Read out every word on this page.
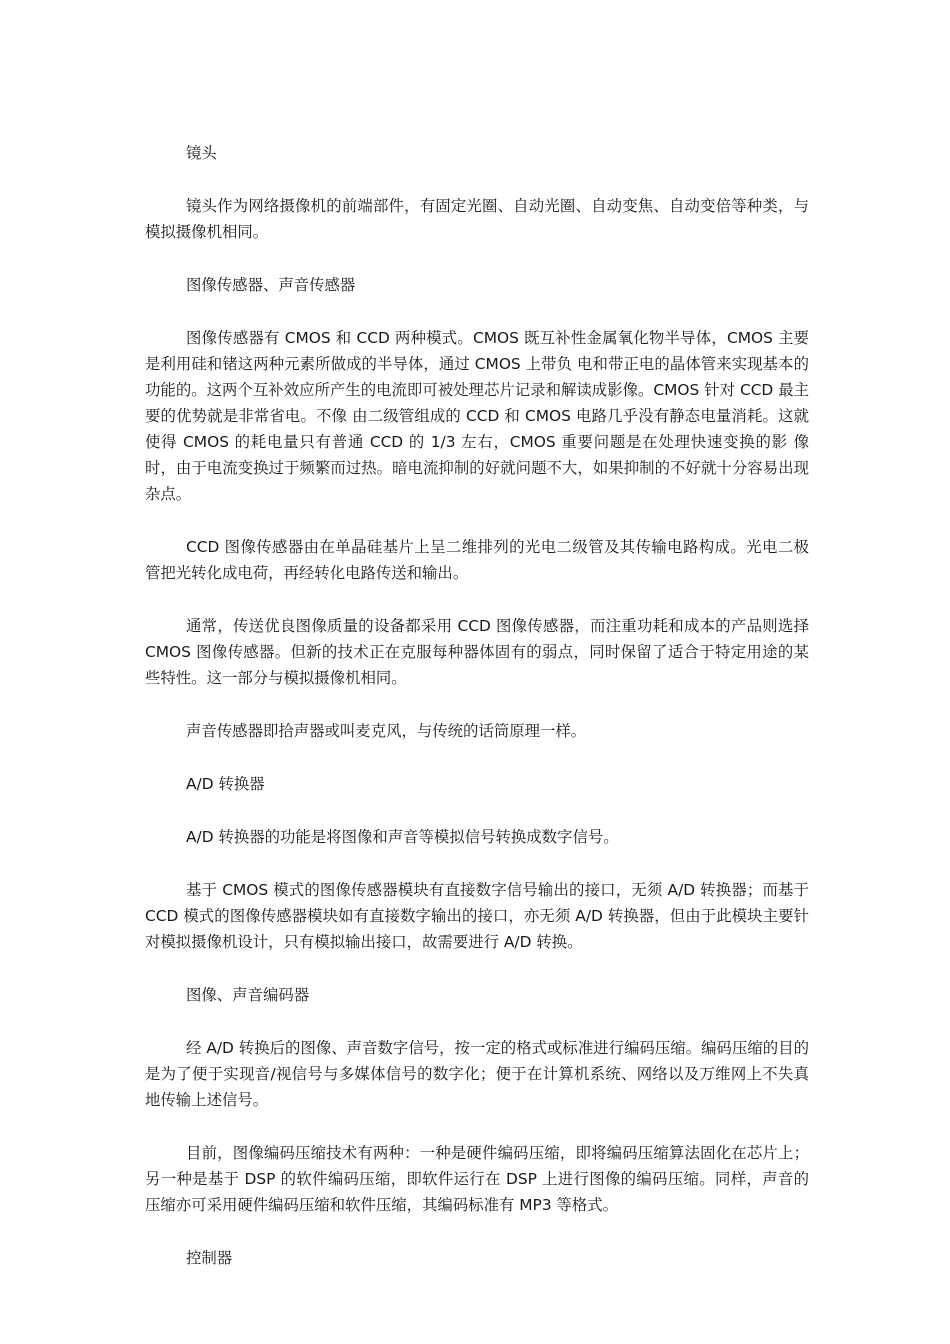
镜头

镜头作为网络摄像机的前端部件，有固定光圈、自动光圈、自动变焦、自动变倍等种类，与模拟摄像机相同。

图像传感器、声音传感器

图像传感器有 CMOS 和 CCD 两种模式。CMOS 既互补性金属氧化物半导体，CMOS 主要是利用硅和锗这两种元素所做成的半导体，通过 CMOS 上带负 电和带正电的晶体管来实现基本的功能的。这两个互补效应所产生的电流即可被处理芯片记录和解读成影像。CMOS 针对 CCD 最主要的优势就是非常省电。不像 由二级管组成的 CCD 和 CMOS 电路几乎没有静态电量消耗。这就使得 CMOS 的耗电量只有普通 CCD 的 1/3 左右，CMOS 重要问题是在处理快速变换的影 像时，由于电流变换过于频繁而过热。暗电流抑制的好就问题不大，如果抑制的不好就十分容易出现杂点。

CCD 图像传感器由在单晶硅基片上呈二维排列的光电二级管及其传输电路构成。光电二极管把光转化成电荷，再经转化电路传送和输出。

通常，传送优良图像质量的设备都采用 CCD 图像传感器，而注重功耗和成本的产品则选择 CMOS 图像传感器。但新的技术正在克服每种器体固有的弱点，同时保留了适合于特定用途的某些特性。这一部分与模拟摄像机相同。

声音传感器即拾声器或叫麦克风，与传统的话筒原理一样。

A/D 转换器

A/D 转换器的功能是将图像和声音等模拟信号转换成数字信号。

基于 CMOS 模式的图像传感器模块有直接数字信号输出的接口，无须 A/D 转换器；而基于 CCD 模式的图像传感器模块如有直接数字输出的接口，亦无须 A/D 转换器，但由于此模块主要针对模拟摄像机设计，只有模拟输出接口，故需要进行 A/D 转换。

图像、声音编码器

经 A/D 转换后的图像、声音数字信号，按一定的格式或标准进行编码压缩。编码压缩的目的是为了便于实现音/视信号与多媒体信号的数字化；便于在计算机系统、网络以及万维网上不失真地传输上述信号。

目前，图像编码压缩技术有两种：一种是硬件编码压缩，即将编码压缩算法固化在芯片上；另一种是基于 DSP 的软件编码压缩，即软件运行在 DSP 上进行图像的编码压缩。同样，声音的压缩亦可采用硬件编码压缩和软件压缩，其编码标准有 MP3 等格式。

控制器
